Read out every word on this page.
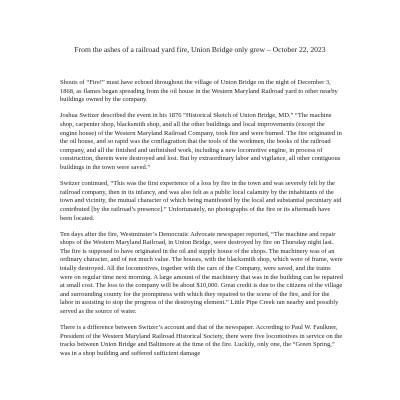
From the ashes of a railroad yard fire, Union Bridge only grew – October 22, 2023

Shouts of “Fire!” must have echoed throughout the village of Union Bridge on the night of December 3, 1868, as flames began spreading from the oil house in the Western Maryland Railroad yard to other nearby buildings owned by the company.

Joshua Switzer described the event in his 1876 “Historical Sketch of Union Bridge, MD.” “The machine shop, carpenter shop, blacksmith shop, and all the other buildings and local improvements (except the engine house) of the Western Maryland Railroad Company, took fire and were burned. The fire originated in the oil house, and so rapid was the conflagration that the tools of the workmen, the books of the railroad company, and all the finished and unfinished work, including a new locomotive engine, in process of construction, therein were destroyed and lost. But by extraordinary labor and vigilance, all other contiguous buildings in the town were saved.”

Switzer continued, “This was the first experience of a loss by fire in the town and was severely felt by the railroad company, then in its infancy, and was also felt as a public local calamity by the inhabitants of the town and vicinity, the mutual character of which being manifested by the local and substantial pecuniary aid contributed [by the railroad’s presence].” Unfortunately, no photographs of the fire or its aftermath have been located.

Ten days after the fire, Westminster’s Democratic Advocate newspaper reported, “The machine and repair shops of the Western Maryland Railroad, in Union Bridge, were destroyed by fire on Thursday night last. The fire is supposed to have originated in the oil and supply house of the shops. The machinery was of an ordinary character, and of not much value. The houses, with the blacksmith shop, which were of frame, were totally destroyed. All the locomotives, together with the cars of the Company, were saved, and the trains were on regular time next morning. A large amount of the machinery that was in the building can be repaired at small cost. The loss to the company will be about $10,000. Great credit is due to the citizens of the village and surrounding county for the promptness with which they repaired to the scene of the fire, and for the labor in assisting to stop the progress of the destroying element.” Little Pipe Creek ran nearby and possibly served as the source of water.

There is a difference between Switzer’s account and that of the newspaper. According to Paul W. Faulkner, President of the Western Maryland Railroad Historical Society, there were five locomotives in service on the tracks between Union Bridge and Baltimore at the time of the fire. Luckily, only one, the “Green Spring,” was in a shop building and suffered sufficient damage
